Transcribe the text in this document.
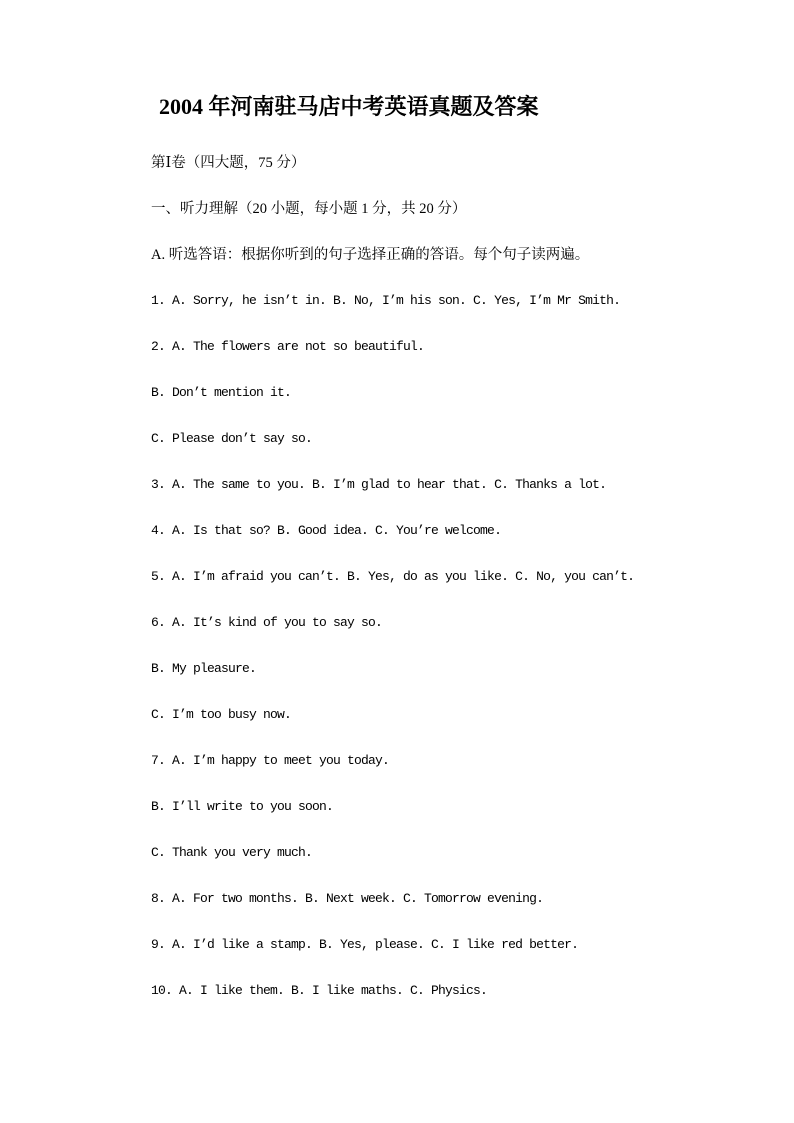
2004 年河南驻马店中考英语真题及答案
第Ⅰ卷（四大题，75 分）
一、听力理解（20 小题，每小题 1 分，共 20 分）
A. 听选答语：根据你听到的句子选择正确的答语。每个句子读两遍。
1. A. Sorry, he isn’t in. B. No, I’m his son. C. Yes, I’m Mr Smith.
2. A. The flowers are not so beautiful.
B. Don’t mention it.
C. Please don’t say so.
3. A. The same to you. B. I’m glad to hear that. C. Thanks a lot.
4. A. Is that so? B. Good idea. C. You’re welcome.
5. A. I’m afraid you can’t. B. Yes, do as you like. C. No, you can’t.
6. A. It’s kind of you to say so.
B. My pleasure.
C. I’m too busy now.
7. A. I’m happy to meet you today.
B. I’ll write to you soon.
C. Thank you very much.
8. A. For two months. B. Next week. C. Tomorrow evening.
9. A. I’d like a stamp. B. Yes, please. C. I like red better.
10. A. I like them. B. I like maths. C. Physics.
